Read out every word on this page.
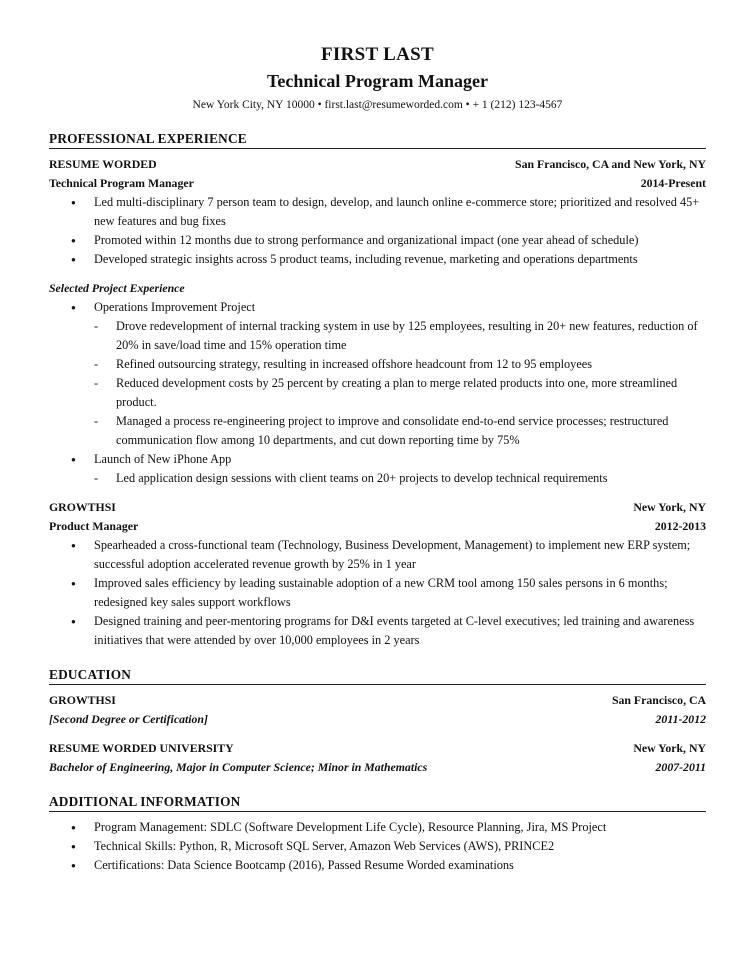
FIRST LAST
Technical Program Manager
New York City, NY 10000 • first.last@resumeworded.com • + 1 (212) 123-4567
PROFESSIONAL EXPERIENCE
RESUME WORDED	San Francisco, CA and New York, NY
Technical Program Manager	2014-Present
● Led multi-disciplinary 7 person team to design, develop, and launch online e-commerce store; prioritized and resolved 45+ new features and bug fixes
● Promoted within 12 months due to strong performance and organizational impact (one year ahead of schedule)
● Developed strategic insights across 5 product teams, including revenue, marketing and operations departments
Selected Project Experience
● Operations Improvement Project
- Drove redevelopment of internal tracking system in use by 125 employees, resulting in 20+ new features, reduction of 20% in save/load time and 15% operation time
- Refined outsourcing strategy, resulting in increased offshore headcount from 12 to 95 employees
- Reduced development costs by 25 percent by creating a plan to merge related products into one, more streamlined product.
- Managed a process re-engineering project to improve and consolidate end-to-end service processes; restructured communication flow among 10 departments, and cut down reporting time by 75%
● Launch of New iPhone App
- Led application design sessions with client teams on 20+ projects to develop technical requirements
GROWTHSI	New York, NY
Product Manager	2012-2013
● Spearheaded a cross-functional team (Technology, Business Development, Management) to implement new ERP system; successful adoption accelerated revenue growth by 25% in 1 year
● Improved sales efficiency by leading sustainable adoption of a new CRM tool among 150 sales persons in 6 months; redesigned key sales support workflows
● Designed training and peer-mentoring programs for D&I events targeted at C-level executives; led training and awareness initiatives that were attended by over 10,000 employees in 2 years
EDUCATION
GROWTHSI	San Francisco, CA
[Second Degree or Certification]	2011-2012
RESUME WORDED UNIVERSITY	New York, NY
Bachelor of Engineering, Major in Computer Science; Minor in Mathematics	2007-2011
ADDITIONAL INFORMATION
● Program Management: SDLC (Software Development Life Cycle), Resource Planning, Jira, MS Project
● Technical Skills: Python, R, Microsoft SQL Server, Amazon Web Services (AWS), PRINCE2
● Certifications: Data Science Bootcamp (2016), Passed Resume Worded examinations
